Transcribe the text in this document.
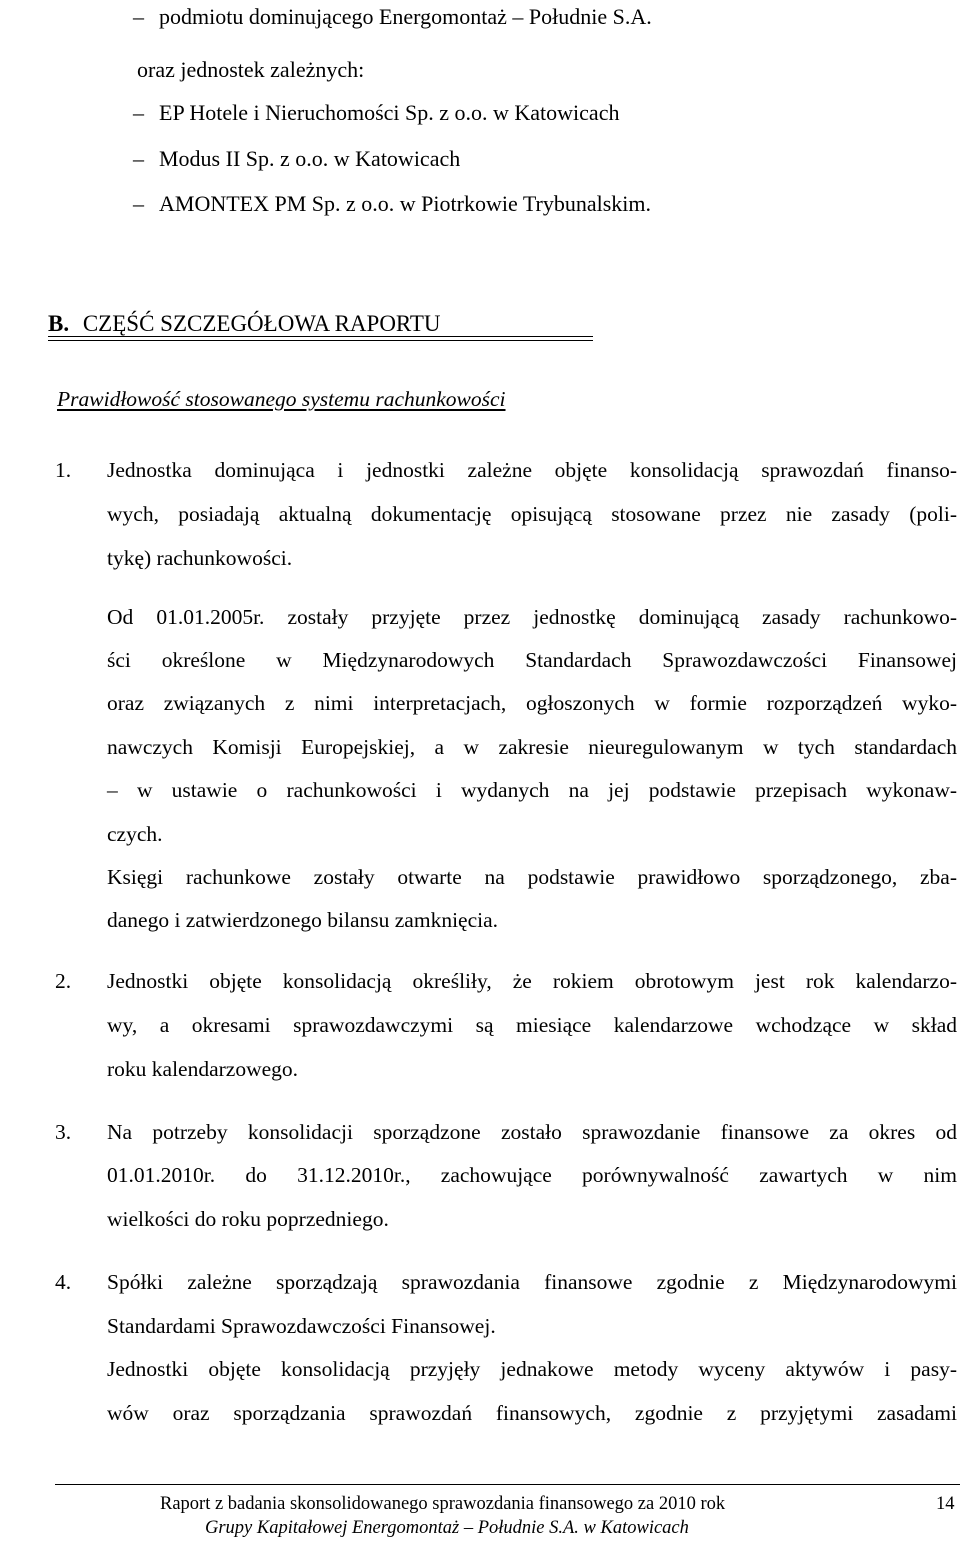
– podmiotu dominującego Energomontaż – Południe S.A.
oraz jednostek zależnych:
– EP Hotele i Nieruchomości Sp. z o.o. w Katowicach
– Modus II Sp. z o.o. w Katowicach
– AMONTEX PM Sp. z o.o. w Piotrkowie Trybunalskim.
B. CZĘŚĆ SZCZEGÓŁOWA RAPORTU
Prawidłowość stosowanego systemu rachunkowości
1. Jednostka dominująca i jednostki zależne objęte konsolidacją sprawozdań finanso-
wych, posiadają aktualną dokumentację opisującą stosowane przez nie zasady (poli-
tykę) rachunkowości.
Od 01.01.2005r. zostały przyjęte przez jednostkę dominującą zasady rachunkowo-
ści określone w Międzynarodowych Standardach Sprawozdawczości Finansowej
oraz związanych z nimi interpretacjach, ogłoszonych w formie rozporządzeń wyko-
nawczych Komisji Europejskiej, a w zakresie nieuregulowanym w tych standardach
– w ustawie o rachunkowości i wydanych na jej podstawie przepisach wykonaw-
czych.
Księgi rachunkowe zostały otwarte na podstawie prawidłowo sporządzonego, zba-
danego i zatwierdzonego bilansu zamknięcia.
2. Jednostki objęte konsolidacją określiły, że rokiem obrotowym jest rok kalendarzo-
wy, a okresami sprawozdawczymi są miesiące kalendarzowe wchodzące w skład
roku kalendarzowego.
3. Na potrzeby konsolidacji sporządzone zostało sprawozdanie finansowe za okres od
01.01.2010r. do 31.12.2010r., zachowujące porównywalność zawartych w nim
wielkości do roku poprzedniego.
4. Spółki zależne sporządzają sprawozdania finansowe zgodnie z Międzynarodowymi
Standardami Sprawozdawczości Finansowej.
Jednostki objęte konsolidacją przyjęły jednakowe metody wyceny aktywów i pasy-
wów oraz sporządzania sprawozdań finansowych, zgodnie z przyjętymi zasadami
Raport z badania skonsolidowanego sprawozdania finansowego za 2010 rok
Grupy Kapitałowej Energomontaż – Południe S.A. w Katowicach
14
